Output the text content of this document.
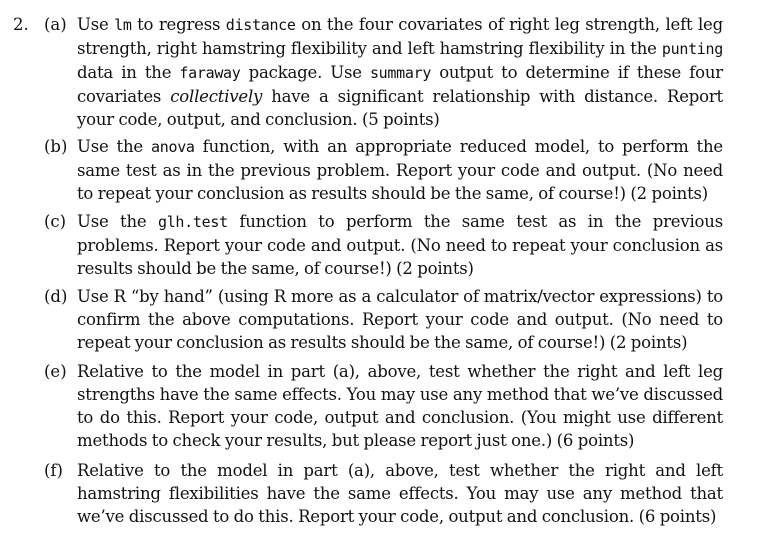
2. (a) Use lm to regress distance on the four covariates of right leg strength, left leg strength, right hamstring flexibility and left hamstring flexibility in the punting data in the faraway package. Use summary output to determine if these four covariates collectively have a significant relationship with distance. Report your code, output, and conclusion. (5 points)
(b) Use the anova function, with an appropriate reduced model, to perform the same test as in the previous problem. Report your code and output. (No need to repeat your conclusion as results should be the same, of course!) (2 points)
(c) Use the glh.test function to perform the same test as in the previous problems. Report your code and output. (No need to repeat your conclusion as results should be the same, of course!) (2 points)
(d) Use R “by hand” (using R more as a calculator of matrix/vector expressions) to confirm the above computations. Report your code and output. (No need to repeat your conclusion as results should be the same, of course!) (2 points)
(e) Relative to the model in part (a), above, test whether the right and left leg strengths have the same effects. You may use any method that we’ve discussed to do this. Report your code, output and conclusion. (You might use different methods to check your results, but please report just one.) (6 points)
(f) Relative to the model in part (a), above, test whether the right and left hamstring flexibilities have the same effects. You may use any method that we’ve discussed to do this. Report your code, output and conclusion. (6 points)
